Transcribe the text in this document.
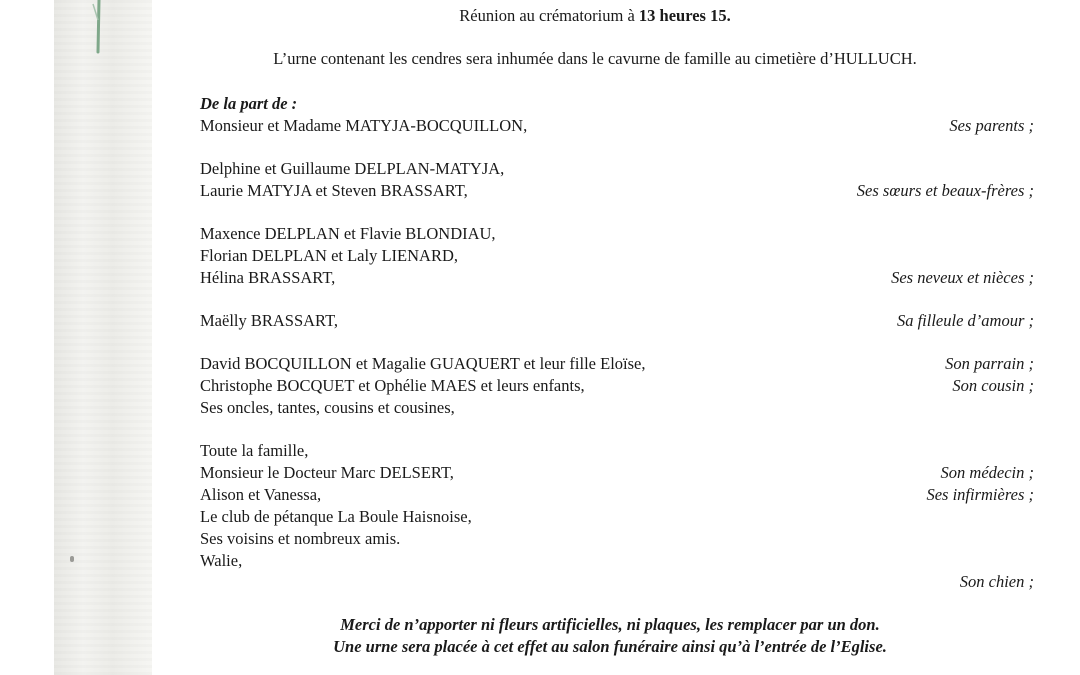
Réunion au crématorium à 13 heures 15.
L’urne contenant les cendres sera inhumée dans le cavurne de famille au cimetière d’HULLUCH.
De la part de :
Monsieur et Madame MATYJA-BOCQUILLON,	Ses parents ;
Delphine et Guillaume DELPLAN-MATYJA,
Laurie MATYJA et Steven BRASSART,	Ses sœurs et beaux-frères ;
Maxence DELPLAN et Flavie BLONDIAU,
Florian DELPLAN et Laly LIENARD,
Hélina BRASSART,	Ses neveux et nièces ;
Maëlly BRASSART,	Sa filleule d’amour ;
David BOCQUILLON et Magalie GUAQUERT et leur fille Eloïse,	Son parrain ;
Christophe BOCQUET et Ophélie MAES et leurs enfants,	Son cousin ;
Ses oncles, tantes, cousins et cousines,
Toute la famille,
Monsieur le Docteur Marc DELSERT,	Son médecin ;
Alison et Vanessa,	Ses infirmières ;
Le club de pétanque La Boule Haisnoise,
Ses voisins et nombreux amis.
Walie,
Son chien ;
Merci de n’apporter ni fleurs artificielles, ni plaques, les remplacer par un don.
Une urne sera placée à cet effet au salon funéraire ainsi qu’à l’entrée de l’Eglise.
